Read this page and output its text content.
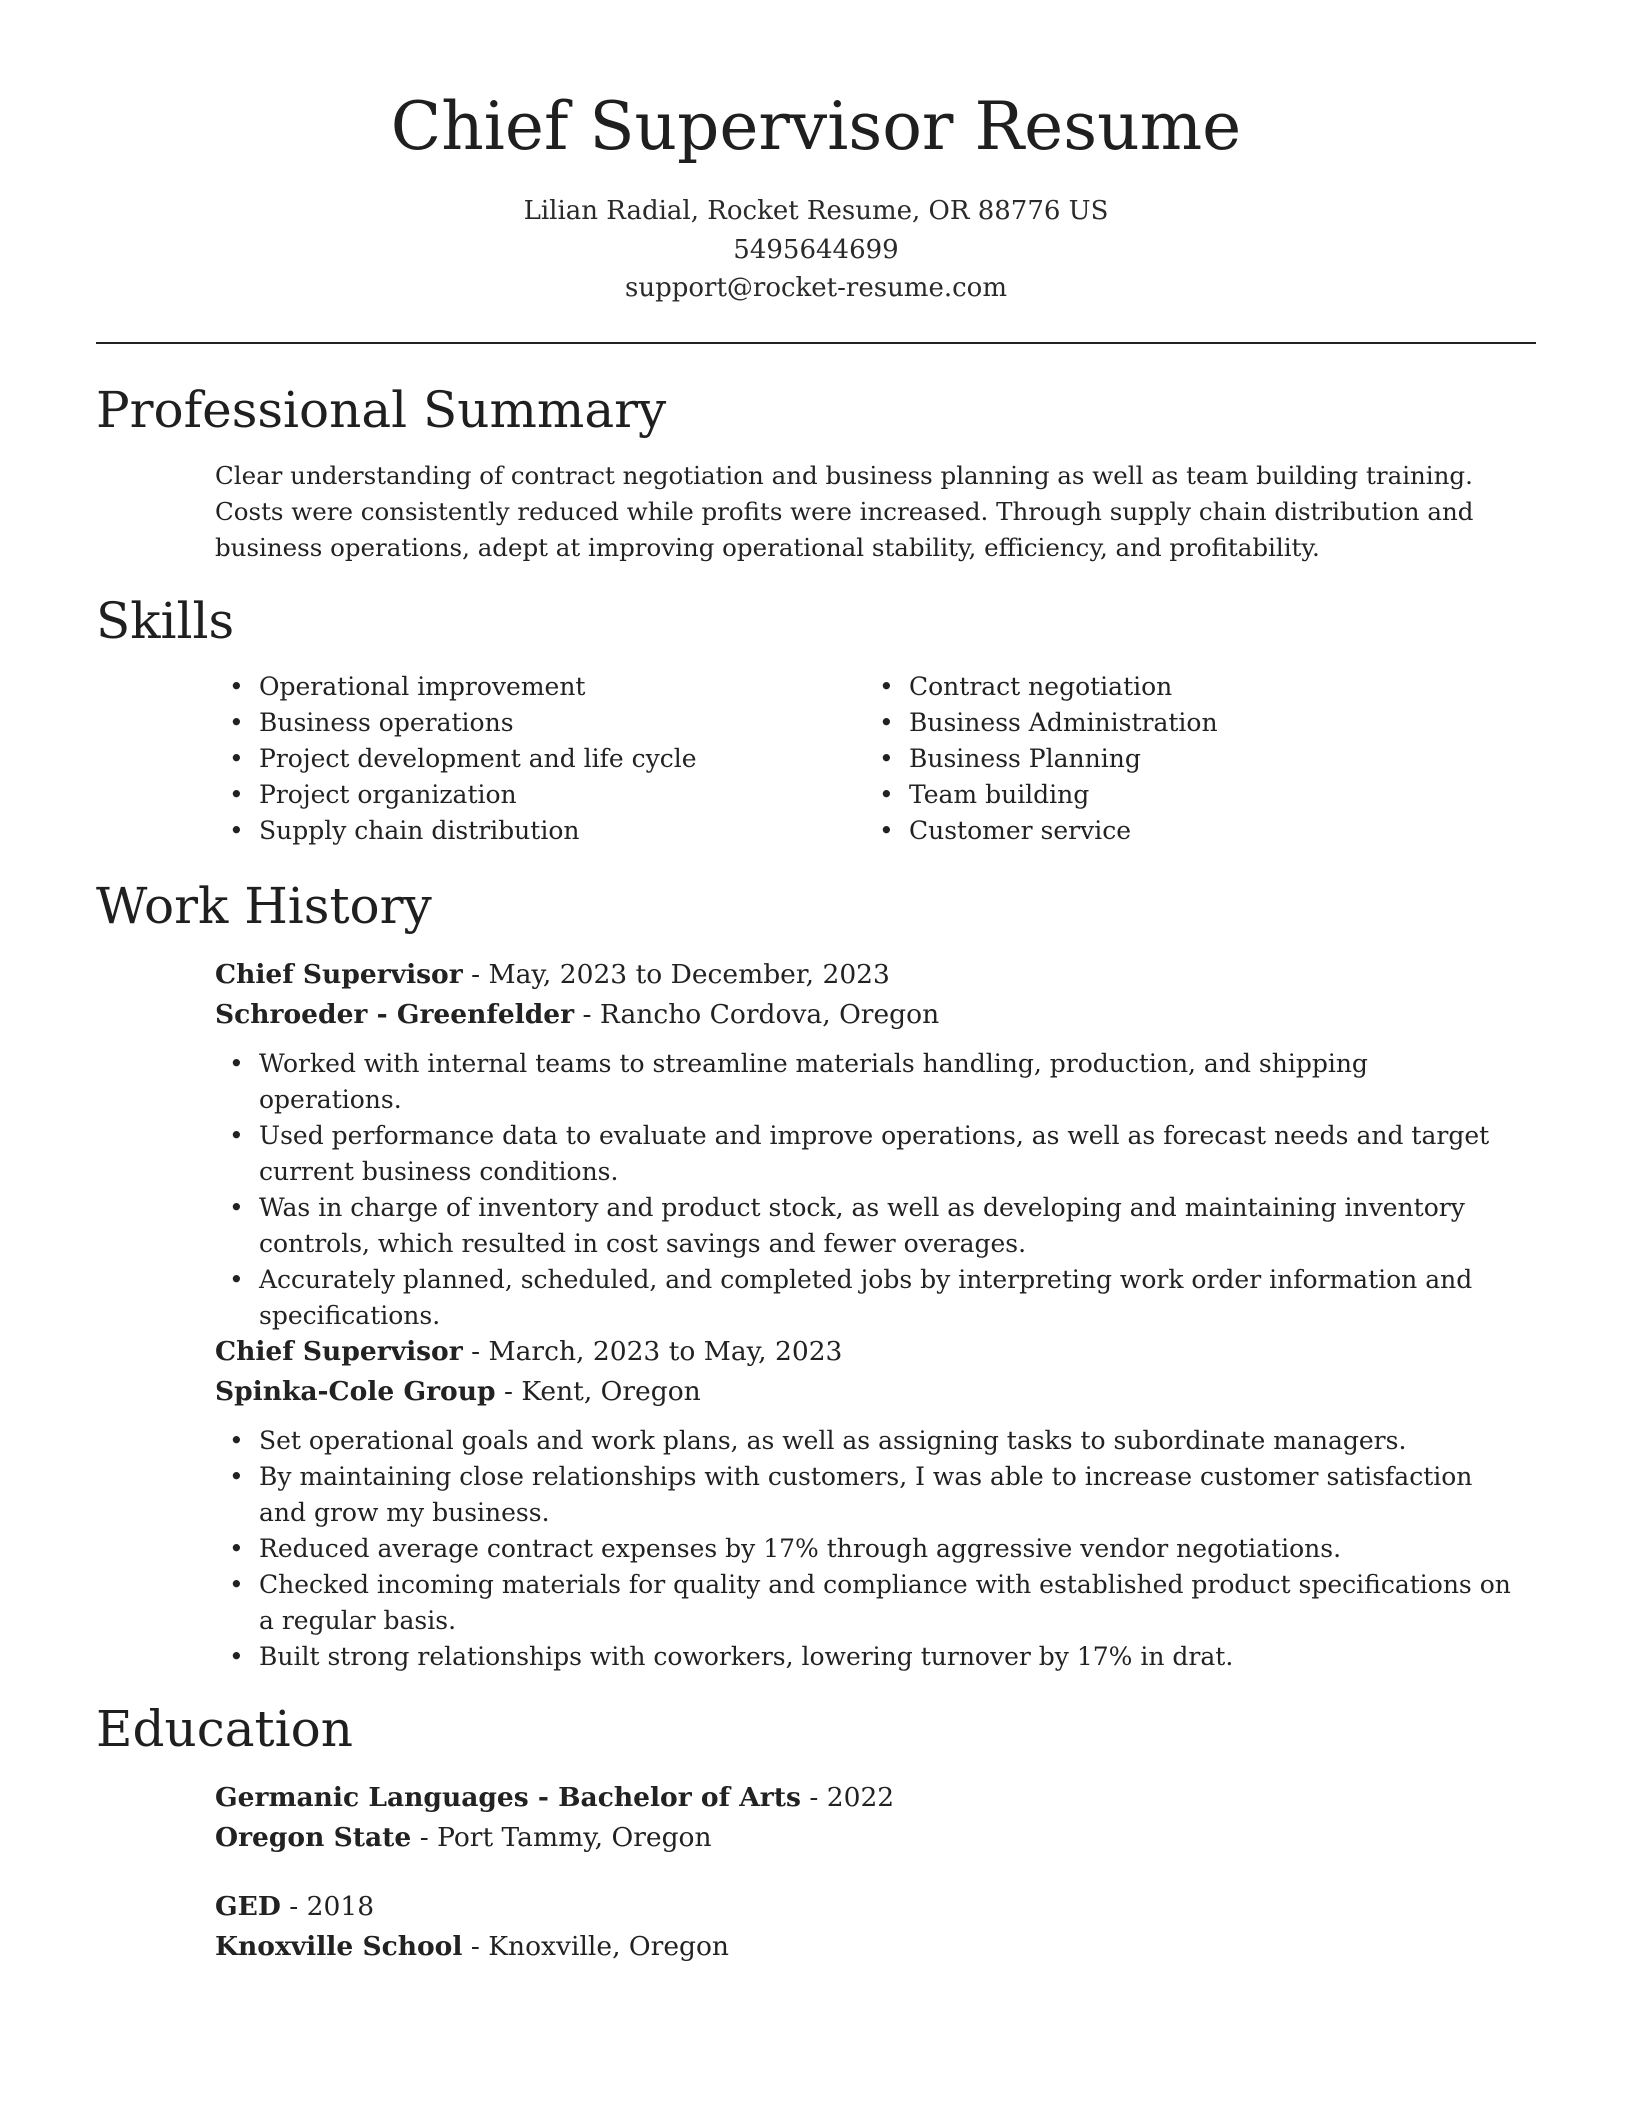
Chief Supervisor Resume
Lilian Radial, Rocket Resume, OR 88776 US
5495644699
support@rocket-resume.com
Professional Summary

Clear understanding of contract negotiation and business planning as well as team building training. Costs were consistently reduced while profits were increased. Through supply chain distribution and business operations, adept at improving operational stability, efficiency, and profitability.

Skills
• Operational improvement
• Business operations
• Project development and life cycle
• Project organization
• Supply chain distribution
• Contract negotiation
• Business Administration
• Business Planning
• Team building
• Customer service
Work History
Chief Supervisor - May, 2023 to December, 2023
Schroeder - Greenfelder - Rancho Cordova, Oregon
• Worked with internal teams to streamline materials handling, production, and shipping operations.
• Used performance data to evaluate and improve operations, as well as forecast needs and target current business conditions.
• Was in charge of inventory and product stock, as well as developing and maintaining inventory controls, which resulted in cost savings and fewer overages.
• Accurately planned, scheduled, and completed jobs by interpreting work order information and specifications.
Chief Supervisor - March, 2023 to May, 2023
Spinka-Cole Group - Kent, Oregon
• Set operational goals and work plans, as well as assigning tasks to subordinate managers.
• By maintaining close relationships with customers, I was able to increase customer satisfaction and grow my business.
• Reduced average contract expenses by 17% through aggressive vendor negotiations.
• Checked incoming materials for quality and compliance with established product specifications on a regular basis.
• Built strong relationships with coworkers, lowering turnover by 17% in drat.
Education
Germanic Languages - Bachelor of Arts - 2022
Oregon State - Port Tammy, Oregon
GED - 2018
Knoxville School - Knoxville, Oregon
